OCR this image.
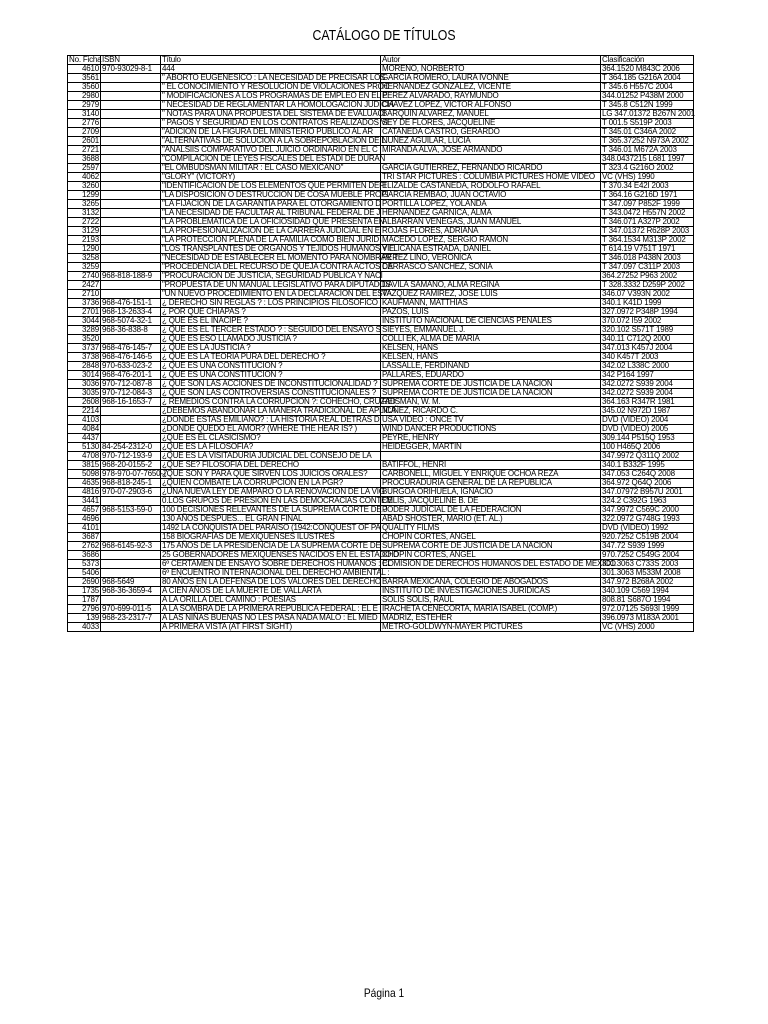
CATÁLOGO DE TÍTULOS
No. Ficha	ISBN	Título	Autor	Clasificación
4610	970-93029-8-1	444	MORENO, NORBERTO	364.1520 M843C 2006
3561		" ABORTO EUGENESICO : LA NECESIDAD DE PRECISAR LOS	GARCIA ROMERO, LAURA IVONNE	T 364.185 G216A 2004
3560		" EL CONOCIMIENTO Y RESOLUCION DE VIOLACIONES PROC	HERNANDEZ GONZALEZ, VICENTE	T 345.6 H557C 2004
2980		" MODIFICACIONES A LOS PROGRAMAS DE EMPLEO EN EL E	PEREZ ALVARADO, RAYMUNDO	344.01252 P438M 2000
2979		" NECESIDAD DE REGLAMENTAR LA HOMOLOGACION JUDICIA	CHAVEZ LOPEZ, VICTOR ALFONSO	T 345.8 C512N 1999
3140		" NOTAS PARA UNA PROPUESTA DEL SISTEMA DE EVALUACI	BARQUIN ALVAREZ, MANUEL	LG 347.01372 B267N 2001
2776		" PAGOS Y SEGURIDAD EN LOS CONTRATOS REALIZADOS VI	SEY DE FLORES, JACQUELINE	T 001.5 S519P 2003
2709		"ADICION DE LA FIGURA DEL MINISTERIO PUBLICO AL AR	CATANEDA CASTRO, GERARDO	T 345.01 C346A 2002
2601		"ALTERNATIVAS DE SOLUCION A LA SOBREPOBLACION DE L	NUÑEZ AGUILAR, LUCIA	T 365.37252 N973A 2002
2721		"ANALSIIS COMPARATIVO DEL JUICIO ORDINARIO EN EL C	MIRANDA ALVA, JOSE ARMANDO	T 346.01 M672A 2003
3688		"COMPILACION DE LEYES FISCALES DEL ESTADI DE DURAN		348.0437215 L681 1997
2597		"EL OMBUDSMAN MILITAR : EL CASO MEXICANO"	GARCIA GUTIERREZ, FERNANDO RICARDO	T 323.4 G216O 2002
4062		"GLORY" (VICTORY)	TRI STAR PICTURES : COLUMBIA PICTURES HOME VIDEO	VC (VHS) 1990
3260		"IDENTIFICACION DE LOS ELEMENTOS QUE PERMITEN DEFI	ELIZALDE CASTANEDA, RODOLFO RAFAEL	T 370.34 E42I 2003
1299		"LA DISPOSICION O DESTRUCCION DE COSA MUEBLE PROPI	GARCIA REMBAO, JUAN OCTAVIO	T 364.16 G216D 1971
3265		"LA FIJACION DE LA GARANTIA PARA EL OTORGAMIENTO D	PORTILLA LOPEZ, YOLANDA	T 347.097 P852F 1999
3132		"LA NECESIDAD DE FACULTAR AL TRIBUNAL FEDERAL DE J	HERNANDEZ GARNICA, ALMA	T 343.0472 H557N 2002
2722		"LA PROBLEMATICA DE LA OFICIOSIDAD QUE PRESENTA EN	ALBARRAN VENEGAS, JUAN MANUEL	T 346.071 A327P 2002
3129		"LA PROFESIONALIZACION DE LA CARRERA JUDICIAL EN E	ROJAS FLORES, ADRIANA	T 347.01372 R628P 2003
2193		"LA PROTECCION PLENA DE LA FAMILIA COMO BIEN JURID	MACEDO LOPEZ, SERGIO RAMON	T 364.1534 M313P 2002
1290		"LOS TRANSPLANTES DE ORGANOS Y TEJIDOS HUMANOS Y E	VILLICANA ESTRADA, DANIEL	T 614.19 V751T 1971
3258		"NECESIDAD DE ESTABLECER EL MOMENTO PARA NOMBRAR T	PEREZ LINO, VERONICA	T 346.018 P438N 2003
3259		"PROCEDENCIA DEL RECURSO DE QUEJA CONTRA ACTOS DE	CARRASCO SANCHEZ, SONIA	T 347.097 C311P 2003
2740	968-818-188-9	"PROCURACION DE JUSTICIA, SEGURIDAD PUBLICA Y NACI		364.27252 P963 2002
2427		"PROPUESTA DE UN MANUAL LEGISLATIVO PARA DIPUTADOS	DAVILA SAMANO, ALMA REGINA	T 328.3332 D259P 2002
2710		"UN NUEVO PROCEDIMIENTO EN LA DECLARACION DEL ESTA	VAZQUEZ RAMIREZ, JOSE LUIS	346.07 V393N 2002
3736	968-476-151-1	¿ DERECHO SIN REGLAS ? : LOS PRINCIPIOS FILOSOFICO	KAUFMANN, MATTHIAS	340.1 K41D 1999
2701	968-13-2633-4	¿ POR QUE CHIAPAS ?	PAZOS, LUIS	327.0972 P348P 1994
3044	968-5074-32-1	¿ QUE ES EL INACIPE ?	INSTITUTO NACIONAL DE CIENCIAS PENALES	370.072 I59 2002
3289	968-36-838-8	¿ QUE ES EL TERCER ESTADO ? : SEGUIDO DEL ENSAYO S	SIEYES, EMMANUEL J.	320.102 S571T 1989
3520		¿ QUE ES ESO LLAMADO JUSTICIA ?	COLLI EK, ALMA DE MARIA	340.11 C712Q 2000
3737	968-476-145-7	¿ QUE ES LA JUSTICIA ?	KELSEN, HANS	347.013 K457J 2004
3738	968-476-146-5	¿ QUE ES LA TEORIA PURA DEL DERECHO ?	KELSEN, HANS	340 K457T 2003
2848	970-633-023-2	¿ QUE ES UNA CONSTITUCION ?	LASSALLE, FERDINAND	342.02 L338C 2000
3014	968-476-201-1	¿ QUE ES UNA CONSTITUCION ?	PALLARES, EDUARDO	342 P164 1997
3036	970-712-087-8	¿ QUE SON LAS ACCIONES DE INCONSTITUCIONALIDAD ?	SUPREMA CORTE DE JUSTICIA DE LA NACION	342.0272 S939 2004
3035	970-712-084-3	¿ QUE SON LAS CONTROVERSIAS CONSTITUCIONALES ?	SUPREMA CORTE DE JUSTICIA DE LA NACION	342.0272 S939 2004
2608	968-16-1653-7	¿ REMEDIOS CONTRA LA CORRUPCION ?: COHECHO, CRUZAD	REISMAN, W. M.	364.163 R347R 1981
2214		¿DEBEMOS ABANDONAR LA MANERA TRADICIONAL DE APLICA	NUÑEZ, RICARDO C.	345.02 N972D 1987
4103		¿DONDE ESTAS EMILIANO? : LA HISTORIA REAL DETRAS D	USA VIDEO : ONCE TV	DVD (VIDEO) 2004
4084		¿DONDE QUEDO EL AMOR? (WHERE THE HEAR IS? )	WIND DANCER PRODUCTIONS	DVD (VIDEO) 2005
4437		¿QUE ES EL CLASICISMO?	PEYRE, HENRY	309.144 P515Q 1953
5130	84-254-2312-0	¿QUE ES LA FILOSOFIA?	HEIDEGGER, MARTIN	100 H465Q 2006
4708	970-712-193-9	¿QUE ES LA VISITADURIA JUDICIAL DEL CONSEJO DE LA		347.9972 Q311Q 2002
3815	968-20-0155-2	¿QUE SE? FILOSOFIA DEL DERECHO	BATIFFOL, HENRI	340.1 B332F 1995
5098	978-970-07-7650-7	¿QUE SON Y PARA QUE SIRVEN LOS JUICIOS ORALES?	CARBONELL, MIGUEL Y ENRIQUE OCHOA REZA	347.053 C264Q 2008
4635	968-818-245-1	¿QUIEN COMBATE LA CORRUPCION EN LA PGR?	PROCURADURIA GENERAL DE LA REPUBLICA	364.972 Q64Q 2006
4816	970-07-2903-6	¿UNA NUEVA LEY DE AMPARO O LA RENOVACION DE LA VIG	BURGOA ORIHUELA, IGNACIO	347.07972 B957U 2001
3441		0.LOS GRUPOS DE PRESION EN LAS DEMOCRACIAS CONTEM	CELIS, JACQUELINE B. DE	324.2 C392G 1963
4657	968-5153-59-0	100 DECISIONES RELEVANTES DE LA SUPREMA CORTE DE J	PODER JUDICIAL DE LA FEDERACION	347.9972 C569C 2000
4696		130 AÑOS DESPUES... EL GRAN FINAL	ABAD SHOSTER, MARIO (ET. AL.)	322.0972 G748G 1993
4101		1492 LA CONQUISTA DEL PARAISO (1942:CONQUEST OF PA	QUALITY FILMS	DVD (VIDEO) 1992
3687		158 BIOGRAFIAS DE MEXIQUENSES ILUSTRES	CHOPIN CORTES, ANGEL	920.7252 C519B 2004
2762	968-6145-92-3	175 AÑOS DE LA PRESIDENCIA DE LA SUPREMA CORTE DE	SUPREMA CORTE DE JUSTICIA DE LA NACION	347.72 S939 1999
3686		25 GOBERNADORES MEXIQUENSES NACIDOS EN EL ESTADO D	CHOPIN CORTES, ANGEL	970.7252 C549G 2004
5373		6º CERTAMEN DE ENSAYO SOBRE DERECHOS HUMANOS : EL	COMISION DE DERECHOS HUMANOS DEL ESTADO DE MEXICO	301.3063 C733S 2003
5406		6º ENCUENTRO INTERNACIONAL DEL DERECHO AMBIENTAL :		301.3063 M533M 2008
2690	968-5649	80 AÑOS EN LA DEFENSA DE LOS VALORES DEL DERECHO	BARRA MEXICANA, COLEGIO DE ABOGADOS	347.972 B268A 2002
1735	968-36-3659-4	A CIEN AÑOS DE LA MUERTE DE VALLARTA	INSTITUTO DE INVESTIGACIONES JURIDICAS	340.109 C569 1994
1787		A LA ORILLA DEL CAMINO : POESIAS	SOLIS SOLIS, RAUL	808.81 S687O 1994
2796	970-699-011-5	A LA SOMBRA DE LA PRIMERA REPUBLICA FEDERAL : EL E	IRACHETA CENECORTA, MARIA ISABEL (COMP.)	972.07125 S693I 1999
139	968-23-2317-7	A LAS NIÑAS BUENAS NO LES PASA NADA MALO : EL MIED	MADRIZ, ESTEHER	396.0973 M183A 2001
4033		A PRIMERA VISTA (AT FIRST SIGHT)	METRO-GOLDWYN-MAYER PICTURES	VC (VHS) 2000
Página 1
